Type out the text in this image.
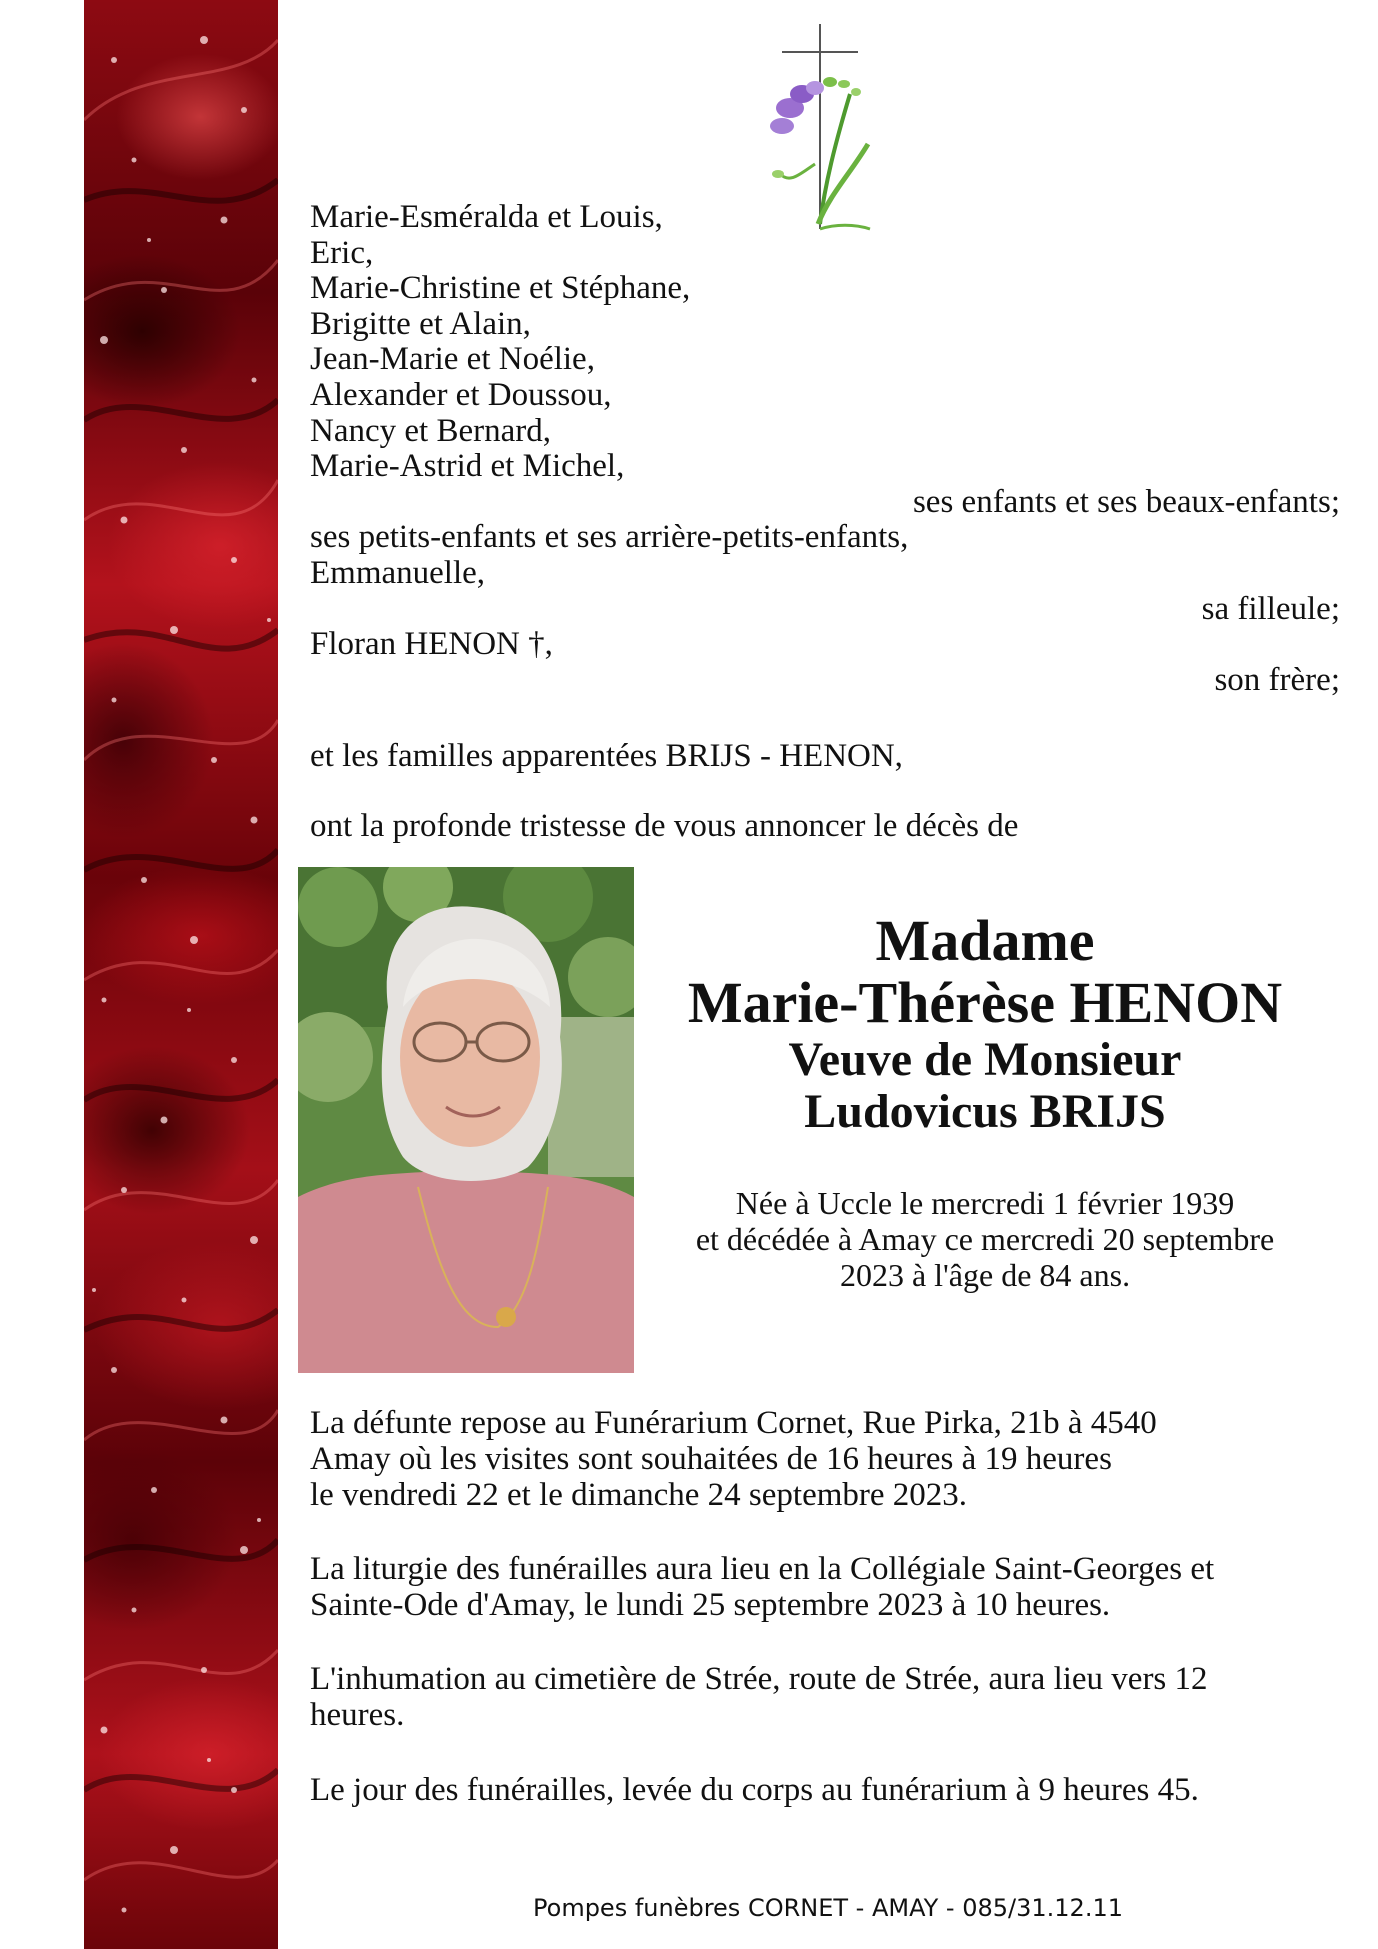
Marie-Esméralda et Louis,
Eric,
Marie-Christine et Stéphane,
Brigitte et Alain,
Jean-Marie et Noélie,
Alexander et Doussou,
Nancy et Bernard,
Marie-Astrid et Michel,
ses enfants et ses beaux-enfants;
ses petits-enfants et ses arrière-petits-enfants,
Emmanuelle,
sa filleule;
Floran HENON †,
son frère;
et les familles apparentées BRIJS - HENON,
ont la profonde tristesse de vous annoncer le décès de
Madame
Marie-Thérèse HENON
Veuve de Monsieur
Ludovicus BRIJS
Née à Uccle le mercredi 1 février 1939
et décédée à Amay ce mercredi 20 septembre
2023 à l'âge de 84 ans.
La défunte repose au Funérarium Cornet, Rue Pirka, 21b à 4540
Amay où les visites sont souhaitées de 16 heures à 19 heures
le vendredi 22 et le dimanche 24 septembre 2023.
La liturgie des funérailles aura lieu en la Collégiale Saint-Georges et
Sainte-Ode d'Amay, le lundi 25 septembre 2023 à 10 heures.
L'inhumation au cimetière de Strée, route de Strée, aura lieu vers 12
heures.
Le jour des funérailles, levée du corps au funérarium à 9 heures 45.
Pompes funèbres CORNET - AMAY - 085/31.12.11
